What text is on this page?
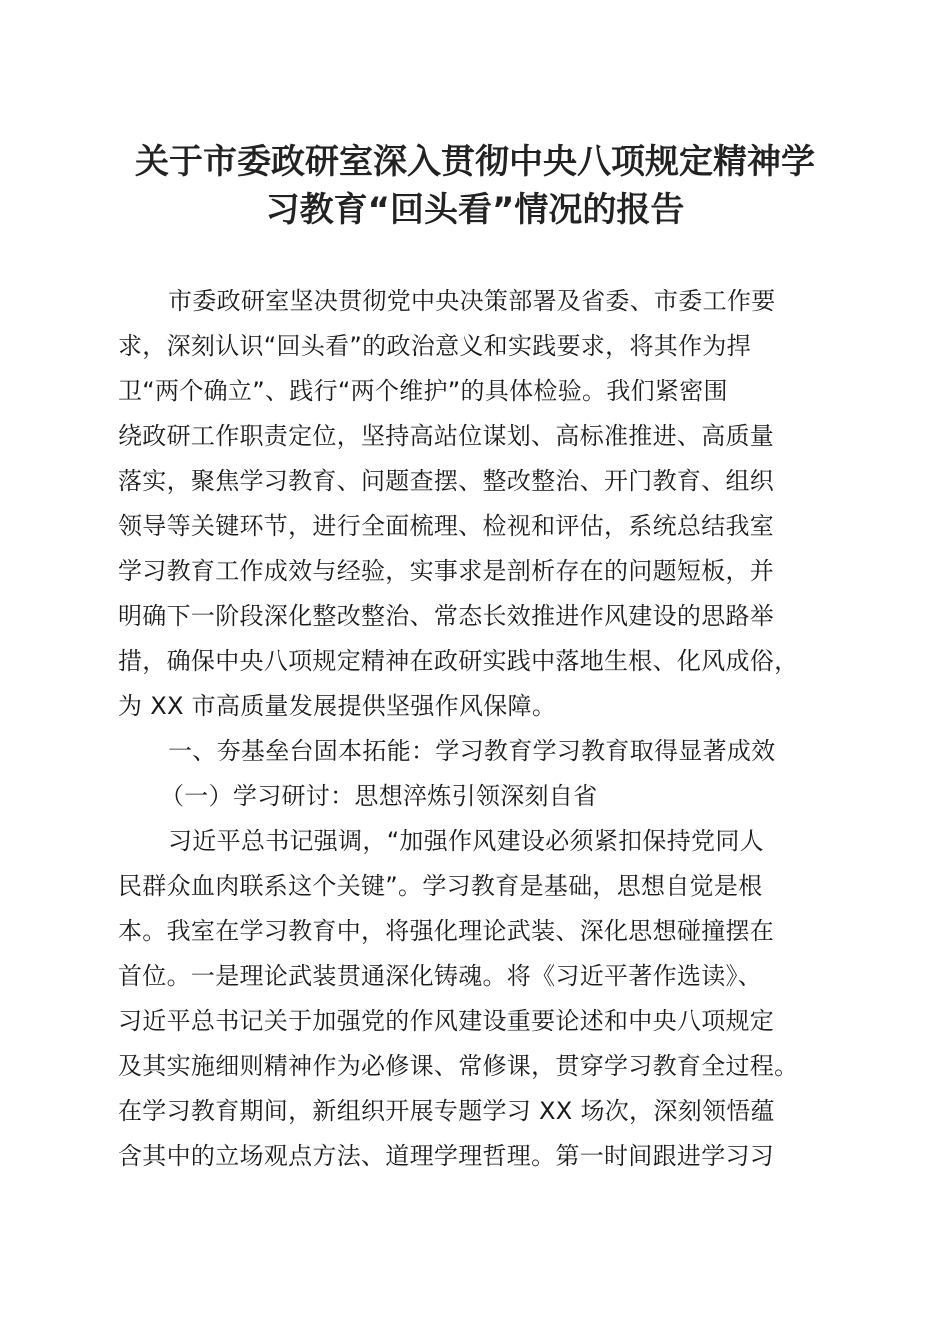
关于市委政研室深入贯彻中央八项规定精神学
习教育“回头看”情况的报告

市委政研室坚决贯彻党中央决策部署及省委、市委工作要
求，深刻认识“回头看”的政治意义和实践要求，将其作为捍
卫“两个确立”、践行“两个维护”的具体检验。我们紧密围
绕政研工作职责定位，坚持高站位谋划、高标准推进、高质量
落实，聚焦学习教育、问题查摆、整改整治、开门教育、组织
领导等关键环节，进行全面梳理、检视和评估，系统总结我室
学习教育工作成效与经验，实事求是剖析存在的问题短板，并
明确下一阶段深化整改整治、常态长效推进作风建设的思路举
措，确保中央八项规定精神在政研实践中落地生根、化风成俗，
为 XX 市高质量发展提供坚强作风保障。

一、夯基垒台固本拓能：学习教育学习教育取得显著成效

（一）学习研讨：思想淬炼引领深刻自省

习近平总书记强调，“加强作风建设必须紧扣保持党同人
民群众血肉联系这个关键”。学习教育是基础，思想自觉是根
本。我室在学习教育中，将强化理论武装、深化思想碰撞摆在
首位。一是理论武装贯通深化铸魂。将《习近平著作选读》、
习近平总书记关于加强党的作风建设重要论述和中央八项规定
及其实施细则精神作为必修课、常修课，贯穿学习教育全过程。
在学习教育期间，新组织开展专题学习 XX 场次，深刻领悟蕴
含其中的立场观点方法、道理学理哲理。第一时间跟进学习习
